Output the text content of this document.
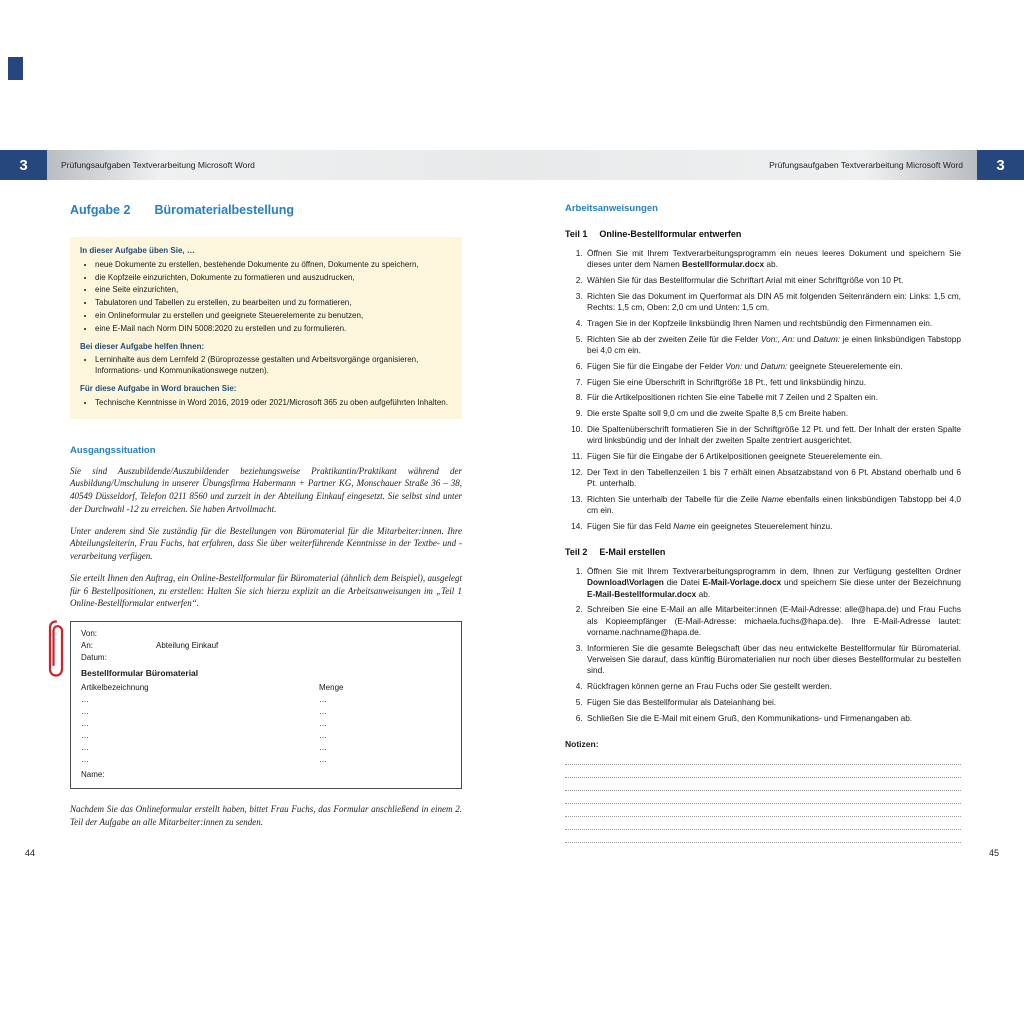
3	Prüfungsaufgaben Textverarbeitung Microsoft Word	Prüfungsaufgaben Textverarbeitung Microsoft Word	3
Aufgabe 2 Büromaterialbestellung

In dieser Aufgabe üben Sie, …

• neue Dokumente zu erstellen, bestehende Dokumente zu öffnen, Dokumente zu speichern,
• die Kopfzeile einzurichten, Dokumente zu formatieren und auszudrucken,
• eine Seite einzurichten,
• Tabulatoren und Tabellen zu erstellen, zu bearbeiten und zu formatieren,
• ein Onlineformular zu erstellen und geeignete Steuerelemente zu benutzen,
• eine E-Mail nach Norm DIN 5008:2020 zu erstellen und zu formulieren.

Bei dieser Aufgabe helfen Ihnen:

• Lerninhalte aus dem Lernfeld 2 (Büroprozesse gestalten und Arbeitsvorgänge organisieren, Informations- und Kommunikationswege nutzen).

Für diese Aufgabe in Word brauchen Sie:

• Technische Kenntnisse in Word 2016, 2019 oder 2021/Microsoft 365 zu oben aufgeführten Inhalten.
Ausgangssituation

Sie sind Auszubildende/Auszubildender beziehungsweise Praktikantin/Praktikant während der Ausbildung/Umschulung in unserer Übungsfirma Habermann + Partner KG, Monschauer Straße 36 – 38, 40549 Düsseldorf, Telefon 0211 8560 und zurzeit in der Abteilung Einkauf eingesetzt. Sie selbst sind unter der Durchwahl -12 zu erreichen. Sie haben Artvollmacht.

Unter anderem sind Sie zuständig für die Bestellungen von Büromaterial für die Mitarbeiter:innen. Ihre Abteilungsleiterin, Frau Fuchs, hat erfahren, dass Sie über weiterführende Kenntnisse in der Textbe- und -verarbeitung verfügen.

Sie erteilt Ihnen den Auftrag, ein Online-Bestellformular für Büromaterial (ähnlich dem Beispiel), ausgelegt für 6 Bestellpositionen, zu erstellen: Halten Sie sich hierzu explizit an die Arbeitsanweisungen im „Teil 1 Online-Bestellformular entwerfen“.

Von:
An:	Abteilung Einkauf
Datum:
Bestellformular Büromaterial
Artikelbezeichnung	Menge
…	…
…	…
…	…
…	…
…	…
…	…
Name:

Nachdem Sie das Onlineformular erstellt haben, bittet Frau Fuchs, das Formular anschließend in einem 2. Teil der Aufgabe an alle Mitarbeiter:innen zu senden.

Arbeitsanweisungen
Teil 1 Online-Bestellformular entwerfen
1. Öffnen Sie mit Ihrem Textverarbeitungsprogramm ein neues leeres Dokument und speichern Sie dieses unter dem Namen Bestellformular.docx ab.
2. Wählen Sie für das Bestellformular die Schriftart Arial mit einer Schriftgröße von 10 Pt.
3. Richten Sie das Dokument im Querformat als DIN A5 mit folgenden Seitenrändern ein: Links: 1,5 cm, Rechts: 1,5 cm, Oben: 2,0 cm und Unten: 1,5 cm.
4. Tragen Sie in der Kopfzeile linksbündig Ihren Namen und rechtsbündig den Firmennamen ein.
5. Richten Sie ab der zweiten Zeile für die Felder Von:, An: und Datum: je einen linksbündigen Tabstopp bei 4,0 cm ein.
6. Fügen Sie für die Eingabe der Felder Von: und Datum: geeignete Steuerelemente ein.
7. Fügen Sie eine Überschrift in Schriftgröße 18 Pt., fett und linksbündig hinzu.
8. Für die Artikelpositionen richten Sie eine Tabelle mit 7 Zeilen und 2 Spalten ein.
9. Die erste Spalte soll 9,0 cm und die zweite Spalte 8,5 cm Breite haben.
10. Die Spaltenüberschrift formatieren Sie in der Schriftgröße 12 Pt. und fett. Der Inhalt der ersten Spalte wird linksbündig und der Inhalt der zweiten Spalte zentriert ausgerichtet.
11. Fügen Sie für die Eingabe der 6 Artikelpositionen geeignete Steuerelemente ein.
12. Der Text in den Tabellenzeilen 1 bis 7 erhält einen Absatzabstand von 6 Pt. Abstand oberhalb und 6 Pt. unterhalb.
13. Richten Sie unterhalb der Tabelle für die Zeile Name ebenfalls einen linksbündigen Tabstopp bei 4,0 cm ein.
14. Fügen Sie für das Feld Name ein geeignetes Steuerelement hinzu.
Teil 2 E-Mail erstellen
1. Öffnen Sie mit Ihrem Textverarbeitungsprogramm in dem, Ihnen zur Verfügung gestellten Ordner Download\Vorlagen die Datei E-Mail-Vorlage.docx und speichern Sie diese unter der Bezeichnung E-Mail-Bestellformular.docx ab.
2. Schreiben Sie eine E-Mail an alle Mitarbeiter:innen (E-Mail-Adresse: alle@hapa.de) und Frau Fuchs als Kopieempfänger (E-Mail-Adresse: michaela.fuchs@hapa.de). Ihre E-Mail-Adresse lautet: vorname.nachname@hapa.de.
3. Informieren Sie die gesamte Belegschaft über das neu entwickelte Bestellformular für Büromaterial. Verweisen Sie darauf, dass künftig Büromaterialien nur noch über dieses Bestellformular zu bestellen sind.
4. Rückfragen können gerne an Frau Fuchs oder Sie gestellt werden.
5. Fügen Sie das Bestellformular als Dateianhang bei.
6. Schließen Sie die E-Mail mit einem Gruß, den Kommunikations- und Firmenangaben ab.

Notizen:

44	45
